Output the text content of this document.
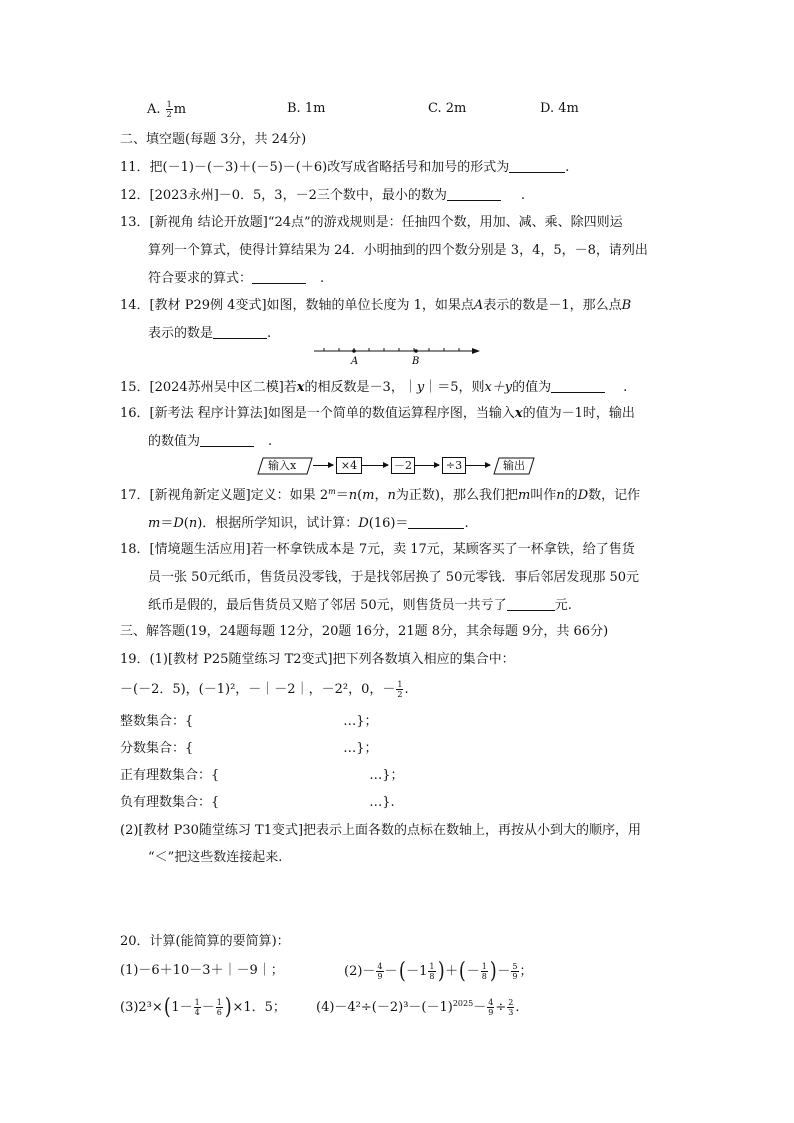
A. $\frac{1}{2}$ m	B. 1m	C. 2m	D. 4m
二、填空题(每题 3分，共 24分)
11．把(－1)－(－3)＋(－5)－(＋6)改写成省略括号和加号的形式为	.
12．[2023永州]－0．5，3，－2三个数中，最小的数为	.
13．[新视角 结论开放题]“24点”的游戏规则是：任抽四个数，用加、减、乘、除四则运
算列一个算式，使得计算结果为 24．小明抽到的四个数分别是 3，4，5，－8，请列出
符合要求的算式：	.
14．[教材 P29例 4变式]如图，数轴的单位长度为 1，如果点A表示的数是－1，那么点B
表示的数是	.
A	B
15．[2024苏州吴中区二模]若x的相反数是－3，｜y｜＝5，则x＋y的值为	.
16．[新考法 程序计算法]如图是一个简单的数值运算程序图，当输入x的值为－1时，输出
的数值为	.
输入x	×4	－2	÷3	输出
17．[新视角新定义题]定义：如果 $2^m=n(m$，n为正数)，那么我们把m叫作n的D数，记作
m＝D(n)．根据所学知识，试计算：D(16)＝	.
18．[情境题生活应用]若一杯拿铁成本是 7元，卖 17元，某顾客买了一杯拿铁，给了售货
员一张 50元纸币，售货员没零钱，于是找邻居换了 50元零钱．事后邻居发现那 50元
纸币是假的，最后售货员又赔了邻居 50元，则售货员一共亏了	元.
三、解答题(19，24题每题 12分，20题 16分，21题 8分，其余每题 9分，共 66分)
19．(1)[教材 P25随堂练习 T2变式]把下列各数填入相应的集合中：
－(－2．5)，(－1)²，－｜－2｜，－2²，0，－ $\frac{1}{2}$ .
整数集合：{	…}；
分数集合：{	…}；
正有理数集合：{	…}；
负有理数集合：{	…}.
(2)[教材 P30随堂练习 T1变式]把表示上面各数的点标在数轴上，再按从小到大的顺序，用
“＜”把这些数连接起来.
20．计算(能简算的要简算)：
(1)－6＋10－3＋｜－9｜；	$(2)- \frac{4}{9} -(-1 \frac{1}{8}$ )＋(－ $\frac{1}{8}$ )－ $\frac{5}{9}$ ；
$(3)2^3\times(1- \frac{1}{4} - \frac{1}{6} )\times 1$．5； $(4)-4^2\div(-2)^3-(-1)^{2025}- \frac{4}{9} \div \frac{2}{3}$ .
